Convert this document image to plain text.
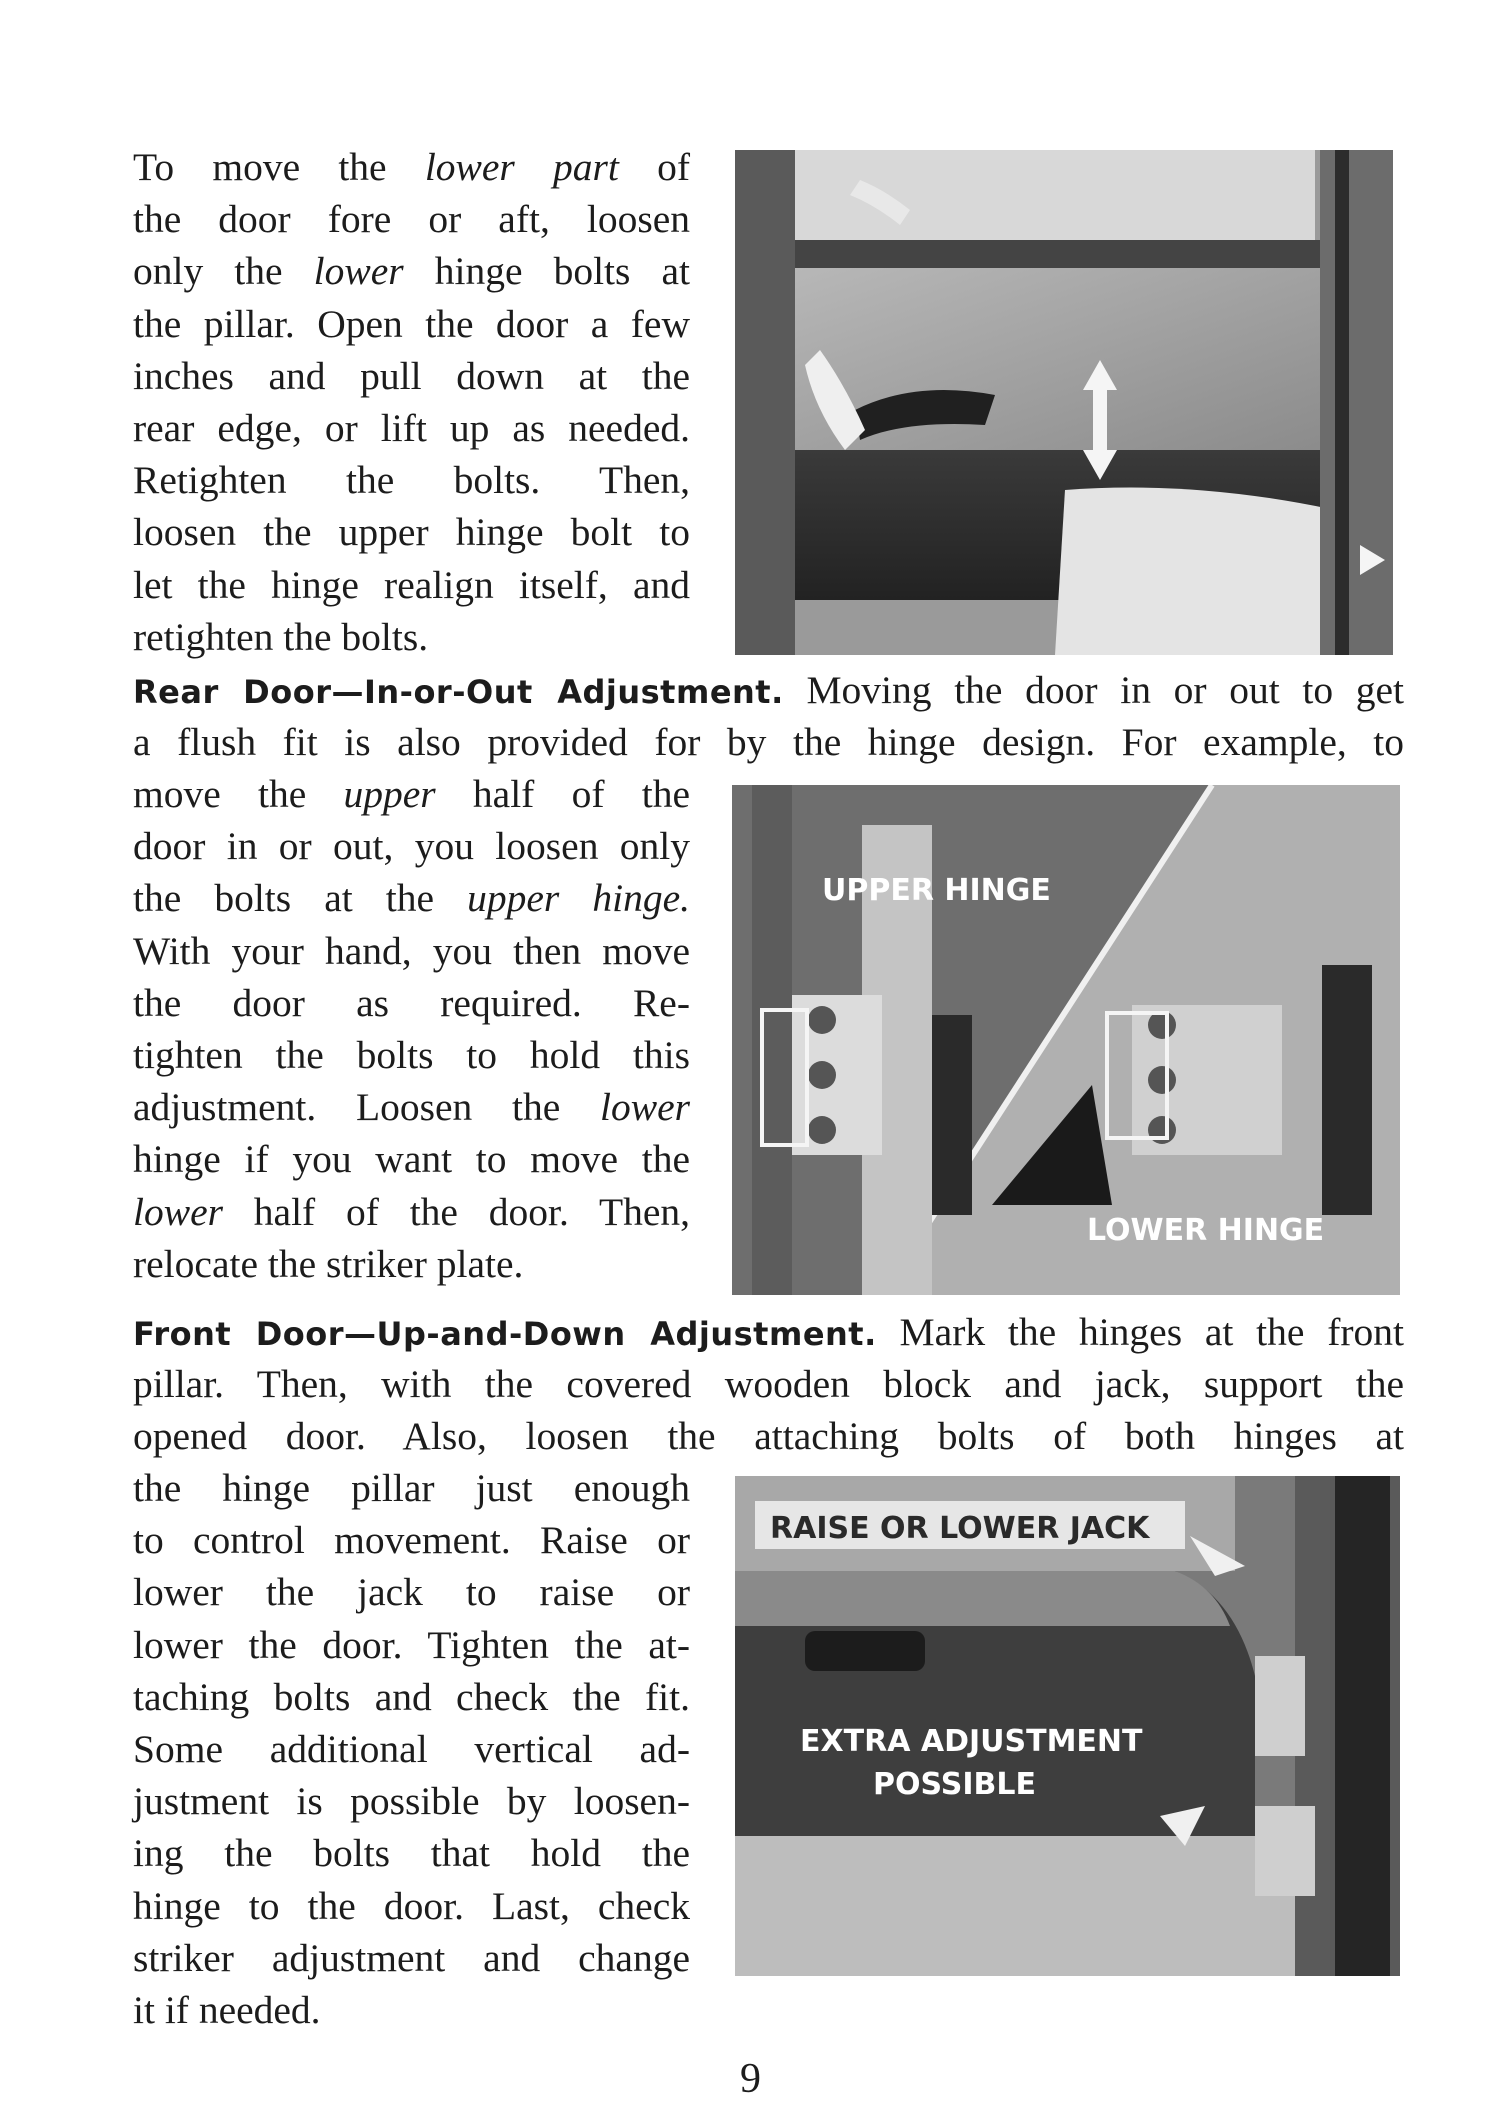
To move the lower part of
the door fore or aft, loosen
only the lower hinge bolts at
the pillar. Open the door a few
inches and pull down at the
rear edge, or lift up as needed.
Retighten the bolts. Then,
loosen the upper hinge bolt to
let the hinge realign itself, and
retighten the bolts.
Rear Door—In-or-Out Adjustment. Moving the door in or out to get
a flush fit is also provided for by the hinge design. For example, to
move the upper half of the
door in or out, you loosen only
the bolts at the upper hinge.
With your hand, you then move
the door as required. Re-
tighten the bolts to hold this
adjustment. Loosen the lower
hinge if you want to move the
lower half of the door. Then,
relocate the striker plate.
UPPER HINGE
LOWER HINGE
Front Door—Up-and-Down Adjustment. Mark the hinges at the front
pillar. Then, with the covered wooden block and jack, support the
opened door. Also, loosen the attaching bolts of both hinges at
the hinge pillar just enough
to control movement. Raise or
lower the jack to raise or
lower the door. Tighten the at-
taching bolts and check the fit.
Some additional vertical ad-
justment is possible by loosen-
ing the bolts that hold the
hinge to the door. Last, check
striker adjustment and change
it if needed.
RAISE OR LOWER JACK
EXTRA ADJUSTMENT
POSSIBLE
9
